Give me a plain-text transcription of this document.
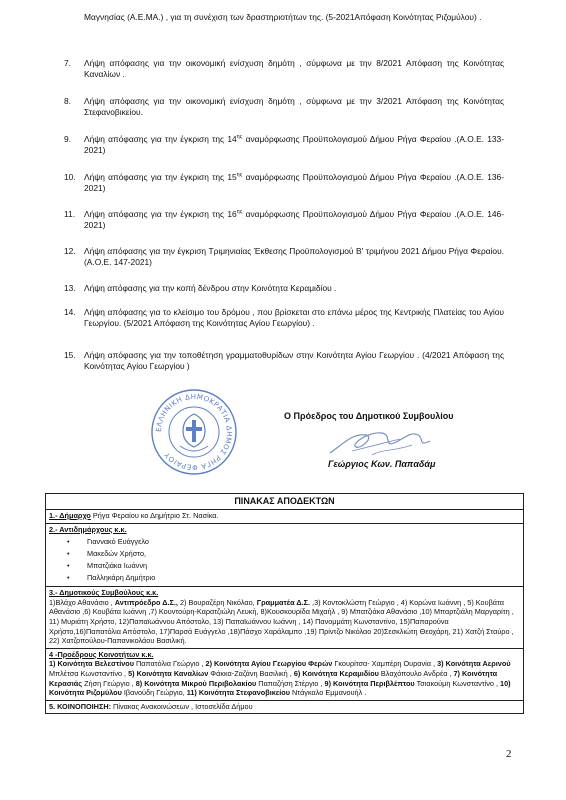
Μαγνησίας (Α.Ε.ΜΑ.) , για τη συνέχιση των δραστηριοτήτων της. (5-2021Απόφαση Κοινότητας Ριζομύλου) .
7. Λήψη απόφασης για την οικονομική ενίσχυση δημότη , σύμφωνα με την 8/2021 Απόφαση της Κοινότητας Καναλίων .
8. Λήψη απόφασης για την οικονομική ενίσχυση δημότη , σύμφωνα με την 3/2021 Απόφαση της Κοινότητας Στεφανοβικείου.
9. Λήψη απόφασης για την έγκριση της $14^{\eta\varsigma}$ αναμόρφωσης Προϋπολογισμού Δήμου Ρήγα Φεραίου .(Α.Ο.Ε. 133-2021)
10. Λήψη απόφασης για την έγκριση της $15^{\eta\varsigma}$ αναμόρφωσης Προϋπολογισμού Δήμου Ρήγα Φεραίου .(Α.Ο.Ε. 136-2021)
11. Λήψη απόφασης για την έγκριση της $16^{\eta\varsigma}$ αναμόρφωσης Προϋπολογισμού Δήμου Ρήγα Φεραίου .(Α.Ο.Ε. 146-2021)
12. Λήψη απόφασης για την έγκριση Τριμηνιαίας Έκθεσης Προϋπολογισμού Β' τριμήνου 2021 Δήμου Ρήγα Φεραίου. (Α.Ο.Ε. 147-2021)
13. Λήψη απόφασης για την κοπή δένδρου στην Κοινότητα Κεραμιδίου .
14. Λήψη απόφασης για το κλείσιμο του δρόμου , που βρίσκεται στο επάνω μέρος της Κεντρικής Πλατείας του Αγίου Γεωργίου. (5/2021 Απόφαση της Κοινότητας Αγίου Γεωργίου) .
15. Λήψη απόφασης για την τοποθέτηση γραμματοθυρίδων στην Κοινότητα Αγίου Γεωργίου . (4/2021 Απόφαση της Κοινότητας Αγίου Γεωργίου )
ΕΛΛΗΝΙΚΗ ΔΗΜΟΚΡΑΤΙΑ ΔΗΜΟΣ ΡΗΓΑ ΦΕΡΑΙΟΥ
Ο Πρόεδρος του Δημοτικού Συμβουλίου
Γεώργιος Κων. Παπαδάμ
ΠΙΝΑΚΑΣ ΑΠΟΔΕΚΤΩΝ
1.- Δήμαρχο Ρήγα Φεραίου κο Δημήτριο Στ. Νασίκα.
2.- Αντιδημάρχους κ.κ.
• Γιαννακό Ευάγγελο
• Μακεδών Χρήστο,
• Μπατζιάκα Ιωάννη
• Παλληκάρη Δημήτριο
3.- Δημοτικούς Συμβούλους κ.κ.
1)Βλάχο Αθανάσιο , Αντιπρόεδρο Δ.Σ., 2) Βουραζέρη Νικόλαο, Γραμματέα Δ.Σ. ,3) Κοντοκλώστη Γεώργιο , 4) Κορώνα Ιωάννη , 5) Κουβάτα Αθανάσιο ,6) Κουβάτα Ιωάννη ,7) Κουντούρη-Καρατζιώλη Λευκή, 8)Κουσκουρίδα Μιχαήλ , 9) Μπατζιάκα Αθανάσιο ,10) Μπαρτζιάλη Μαργαρίτη , 11) Μυριάτη Χρήστο, 12)Παπαϊωάννου Απόστολο, 13) Παπαϊωάννου Ιωάννη , 14) Πανομμάτη Κωνσταντίνο, 15)Παπαρούνα Χρήστο,16)Παπατόλια Απόστολο, 17)Παρσά Ευάγγελο ,18)Πάσχο Χαράλαμπο ,19) Πρίντζο Νικόλαο 20)Σεσκλιώτη Θεοχάρη, 21) Χατζή Σταύρο , 22) Χατζοπούλου-Παπανικολάου Βασιλική.
4 -Προέδρους Κοινοτήτων κ.κ.
1) Κοινότητα Βελεστίνου Παπατόλια Γεώργιο , 2) Κοινότητα Αγίου Γεωργίου Φερών Γκουρίτσα- Χαμπέρη Ουρανία , 3) Κοινότητα Αερινού Μπλέτσα Κωνσταντίνο , 5) Κοινότητα Καναλίων Φάκκα-Ζαζάνη Βασιλική , 6) Κοινότητα Κεραμιδίου Βλαχόπουλο Ανδρέα , 7) Κοινότητα Κερασιάς Ζήση Γεώργιο , 8) Κοινότητα Μικρού Περιβολακίου Παπαζήση Στέργιο , 9) Κοινότητα Περιβλέπτου Τσιακούμη Κωνσταντίνο , 10) Κοινότητα Ριζομύλου Ιβανούδη Γεώργιο, 11) Κοινότητα Στεφανοβικείου Ντάγκαλο Εμμανουήλ .
5. ΚΟΙΝΟΠΟΙΗΣΗ: Πίνακας Ανακοινώσεων , Ιστοσελίδα Δήμου
2
